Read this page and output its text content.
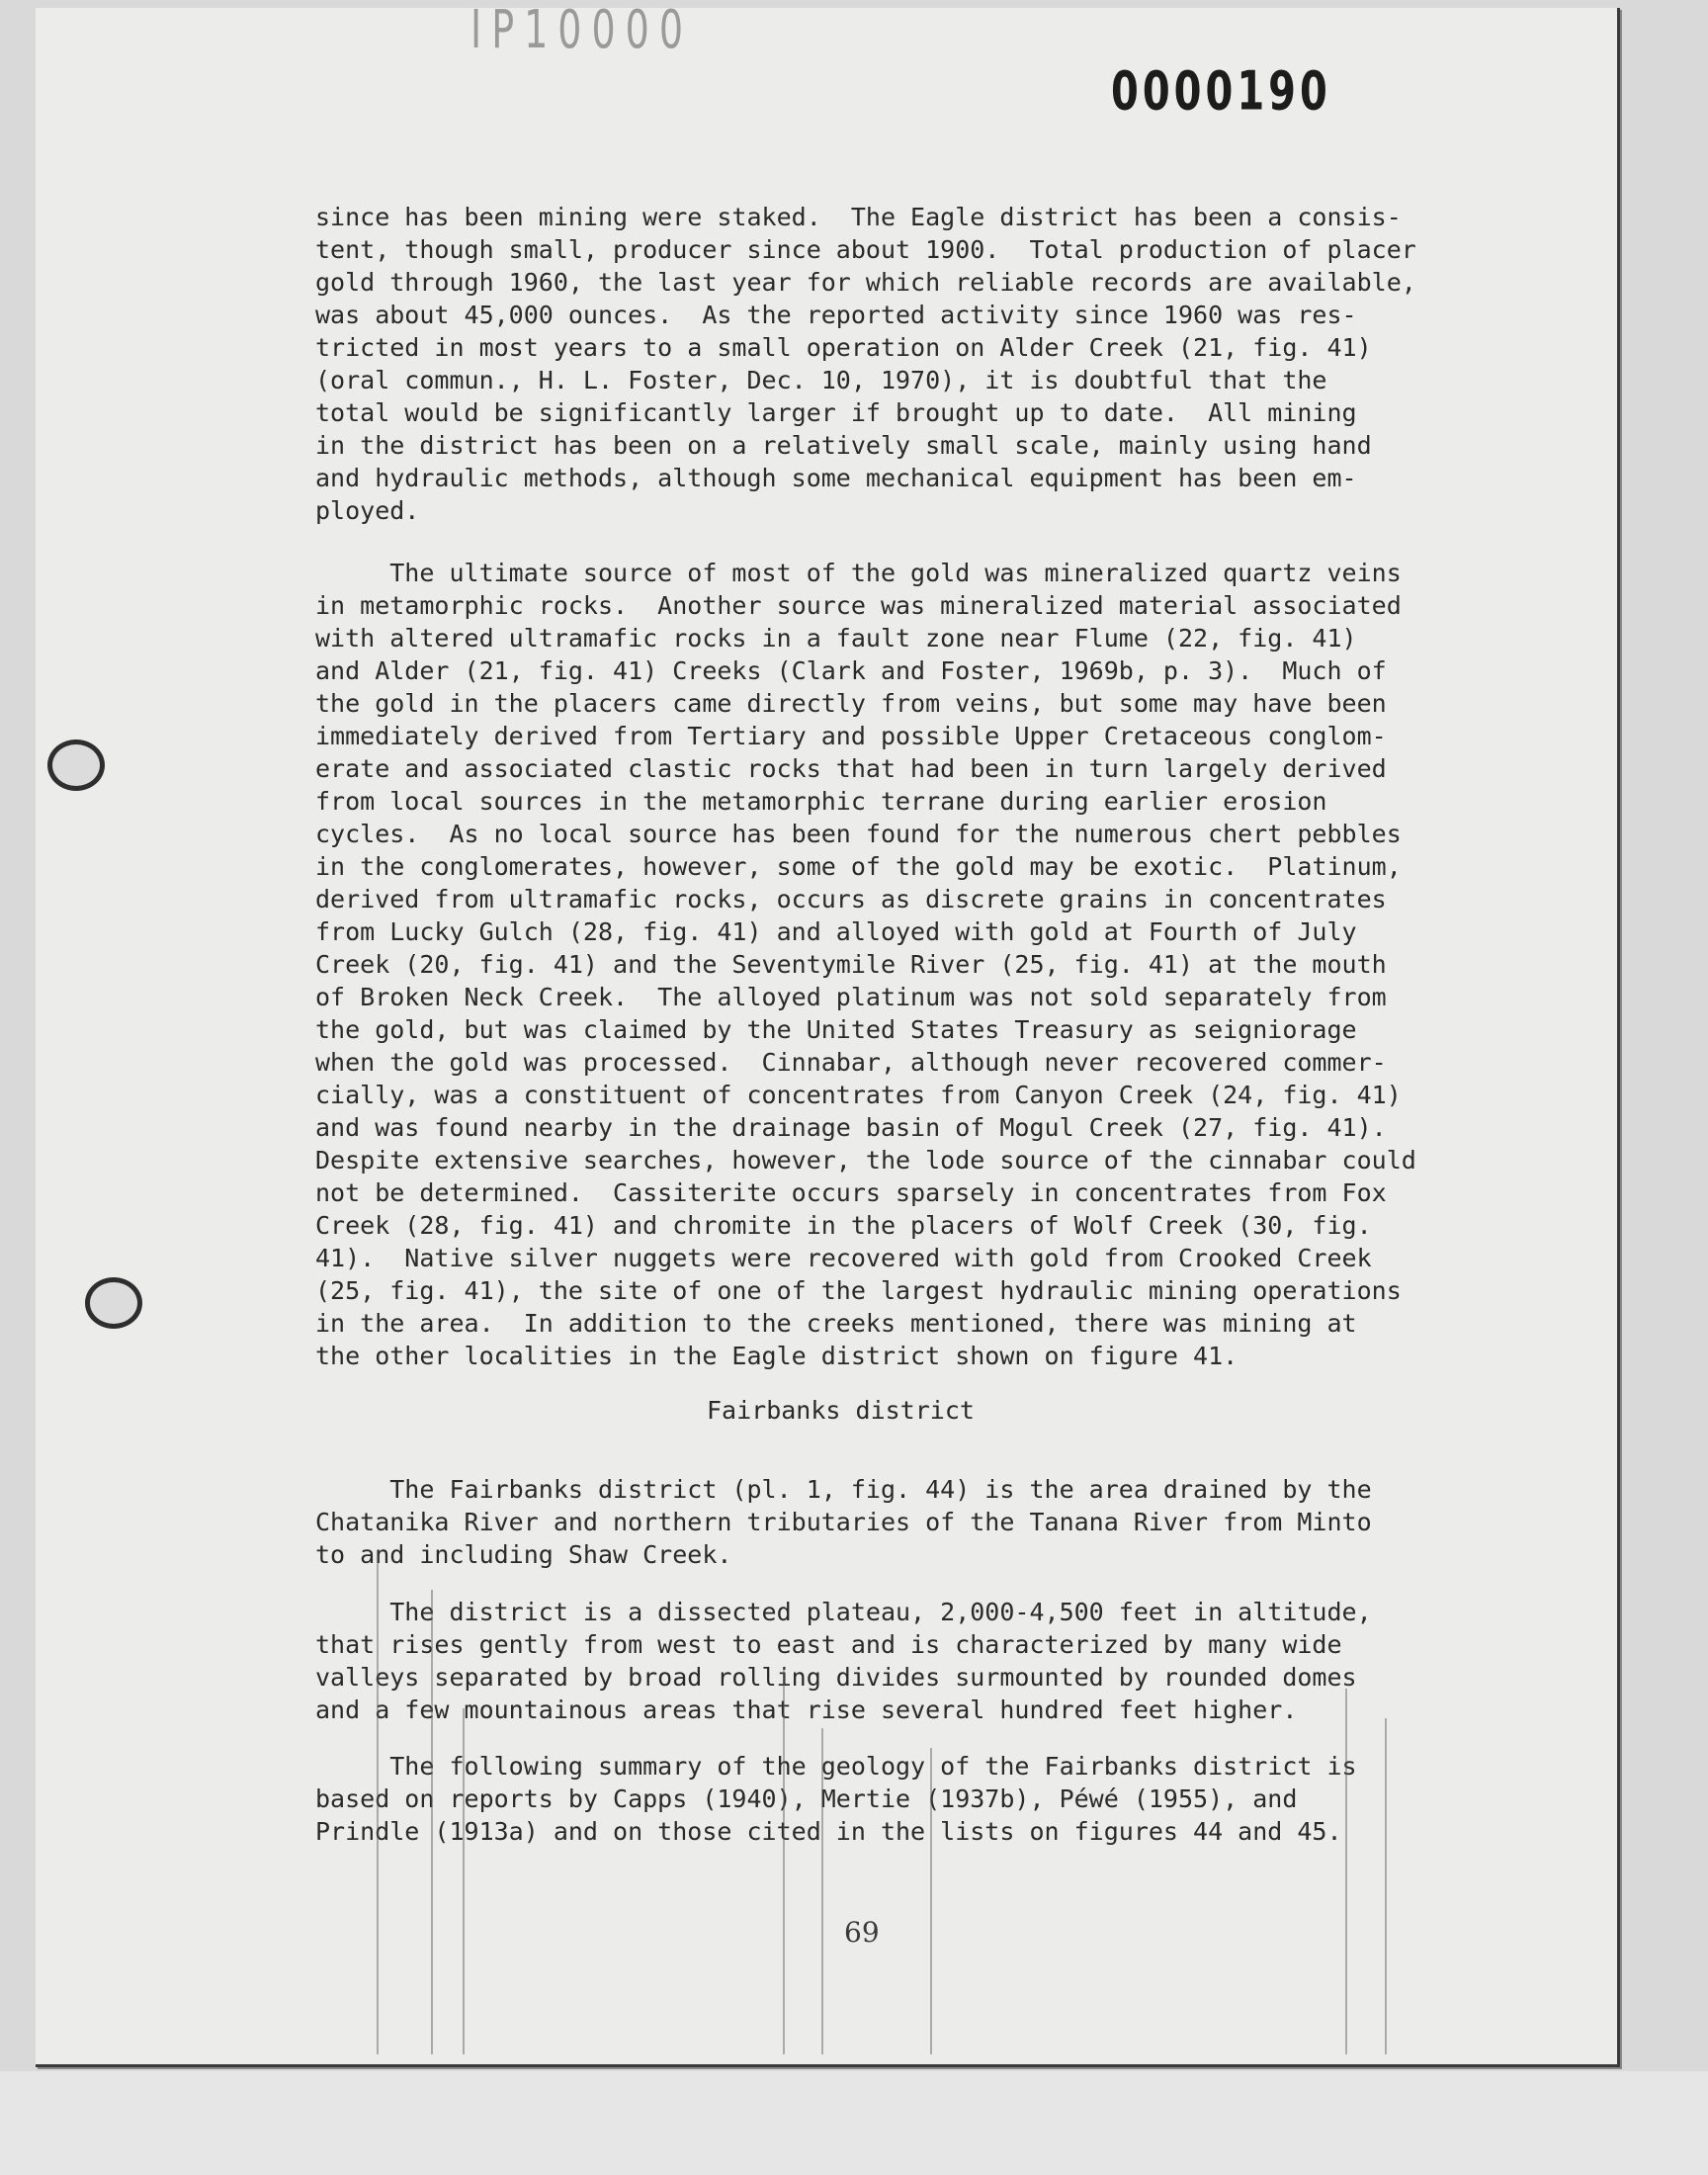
IP10000
0000190

since has been mining were staked.  The Eagle district has been a consis-
tent, though small, producer since about 1900.  Total production of placer
gold through 1960, the last year for which reliable records are available,
was about 45,000 ounces.  As the reported activity since 1960 was res-
tricted in most years to a small operation on Alder Creek (21, fig. 41)
(oral commun., H. L. Foster, Dec. 10, 1970), it is doubtful that the
total would be significantly larger if brought up to date.  All mining
in the district has been on a relatively small scale, mainly using hand
and hydraulic methods, although some mechanical equipment has been em-
ployed.

The ultimate source of most of the gold was mineralized quartz veins
in metamorphic rocks.  Another source was mineralized material associated
with altered ultramafic rocks in a fault zone near Flume (22, fig. 41)
and Alder (21, fig. 41) Creeks (Clark and Foster, 1969b, p. 3).  Much of
the gold in the placers came directly from veins, but some may have been
immediately derived from Tertiary and possible Upper Cretaceous conglom-
erate and associated clastic rocks that had been in turn largely derived
from local sources in the metamorphic terrane during earlier erosion
cycles.  As no local source has been found for the numerous chert pebbles
in the conglomerates, however, some of the gold may be exotic.  Platinum,
derived from ultramafic rocks, occurs as discrete grains in concentrates
from Lucky Gulch (28, fig. 41) and alloyed with gold at Fourth of July
Creek (20, fig. 41) and the Seventymile River (25, fig. 41) at the mouth
of Broken Neck Creek.  The alloyed platinum was not sold separately from
the gold, but was claimed by the United States Treasury as seigniorage
when the gold was processed.  Cinnabar, although never recovered commer-
cially, was a constituent of concentrates from Canyon Creek (24, fig. 41)
and was found nearby in the drainage basin of Mogul Creek (27, fig. 41).
Despite extensive searches, however, the lode source of the cinnabar could
not be determined.  Cassiterite occurs sparsely in concentrates from Fox
Creek (28, fig. 41) and chromite in the placers of Wolf Creek (30, fig.
41).  Native silver nuggets were recovered with gold from Crooked Creek
(25, fig. 41), the site of one of the largest hydraulic mining operations
in the area.  In addition to the creeks mentioned, there was mining at
the other localities in the Eagle district shown on figure 41.

Fairbanks district

The Fairbanks district (pl. 1, fig. 44) is the area drained by the
Chatanika River and northern tributaries of the Tanana River from Minto
to and including Shaw Creek.

The district is a dissected plateau, 2,000-4,500 feet in altitude,
that rises gently from west to east and is characterized by many wide
valleys separated by broad rolling divides surmounted by rounded domes
and a few mountainous areas that rise several hundred feet higher.

The following summary of the geology of the Fairbanks district is
based on reports by Capps (1940), Mertie (1937b), Péwé (1955), and
Prindle (1913a) and on those cited in the lists on figures 44 and 45.

69
